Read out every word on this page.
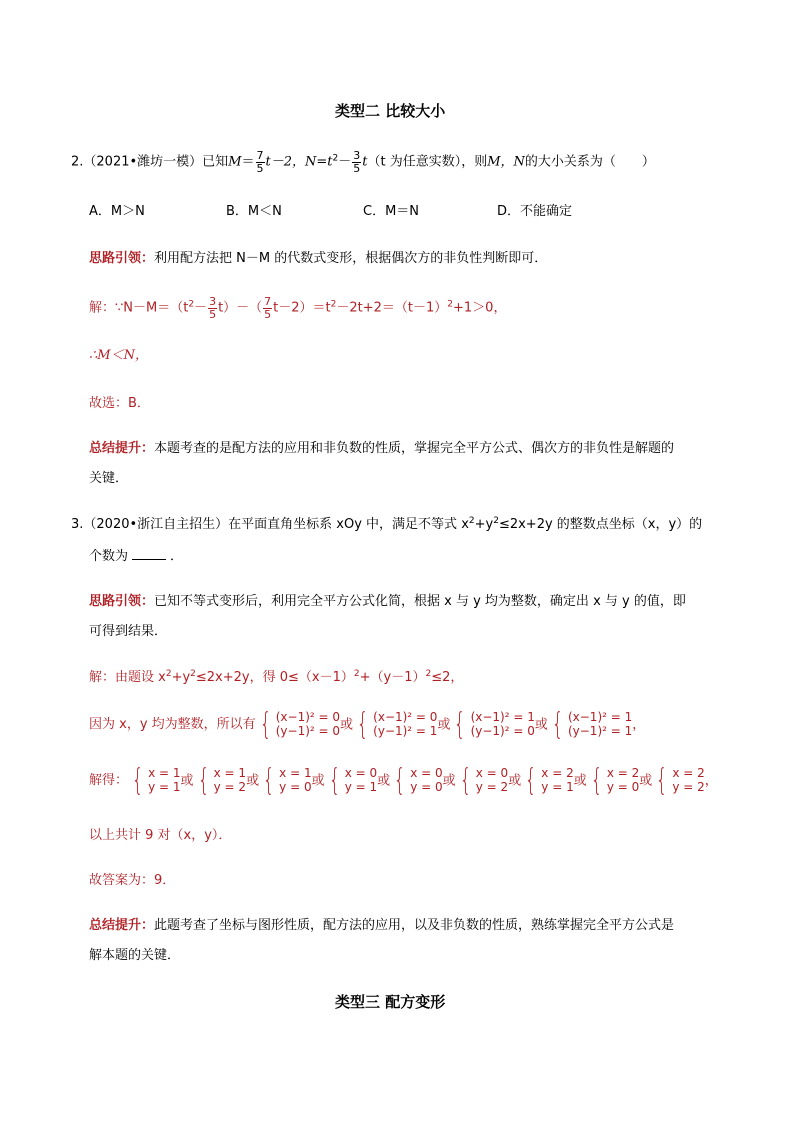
类型二 比较大小
2.（2021•潍坊一模）已知$M= \frac{7}{5} t-2$，$N=t^2- \frac{3}{5} t(t$ 为任意实数），则M，N的大小关系为（　　）
A．M＞N	B．M＜N	C．M＝N	D．不能确定
思路引领：利用配方法把 N－M 的代数式变形，根据偶次方的非负性判断即可．
解：$\because N-M=(t^2- \frac{3}{5} t)-( \frac{7}{5} t-2)=t^2-2t+2=(t-1)^2+1>0$，
∴M＜N，
故选：B．
总结提升：本题考查的是配方法的应用和非负数的性质，掌握完全平方公式、偶次方的非负性是解题的
关键．
3.（2020•浙江自主招生）在平面直角坐标系 xOy 中，满足不等式 $x^2+y^2\le 2x+2y$ 的整数点坐标（x，y）的
个数为	．
思路引领：已知不等式变形后，利用完全平方公式化简，根据 x 与 y 均为整数，确定出 x 与 y 的值，即
可得到结果．
解：由题设 $x^2+y^2\le 2x+2y$，得 $0\le(x-1)^2+(y-1)^2\le 2$，
因为 x，y 均为整数，所以有 { (x−1)² = 0
(y−1)² = 0 或 { (x−1)² = 0
(y−1)² = 1 或 { (x−1)² = 1
(y−1)² = 0 或 { (x−1)² = 1
(y−1)² = 1 ，
解得： { x = 1
y = 1 或 { x = 1
y = 2 或 { x = 1
y = 0 或 { x = 0
y = 1 或 { x = 0
y = 0 或 { x = 0
y = 2 或 { x = 2
y = 1 或 { x = 2
y = 0 或 { x = 2
y = 2 ，
以上共计 9 对（x，y）．
故答案为：9．
总结提升：此题考查了坐标与图形性质，配方法的应用，以及非负数的性质，熟练掌握完全平方公式是
解本题的关键．
类型三 配方变形
